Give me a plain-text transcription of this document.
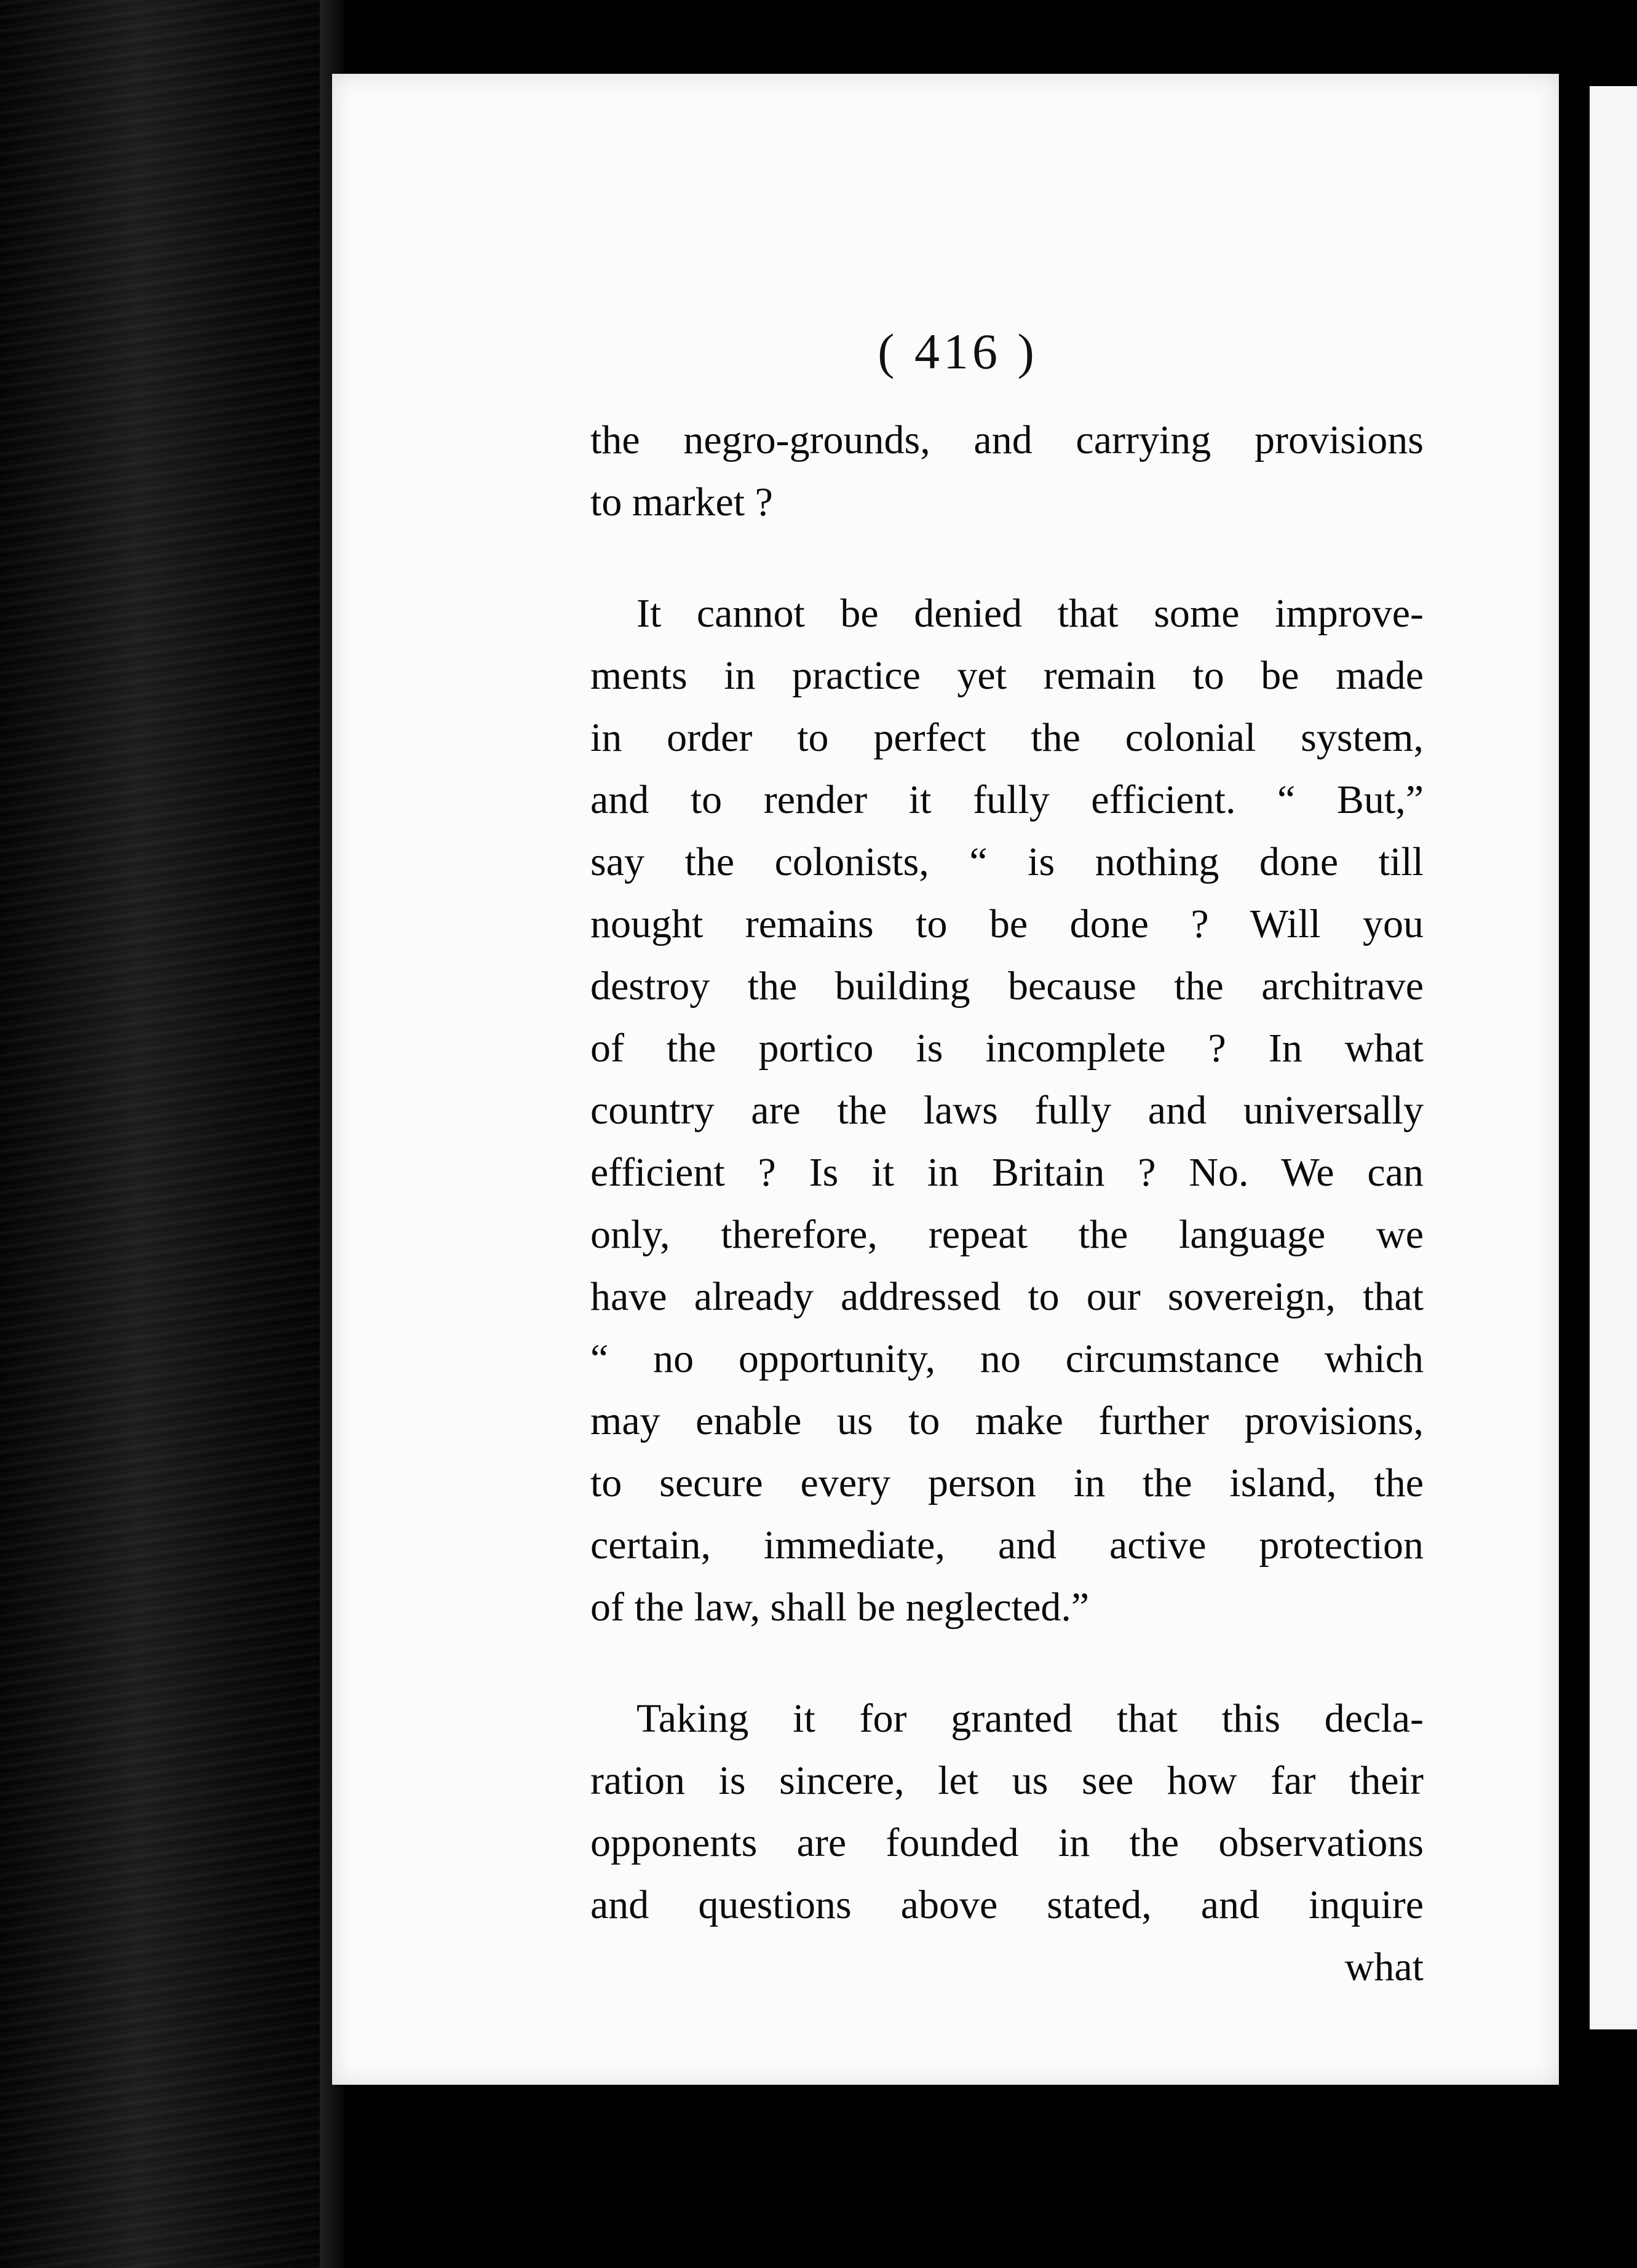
( 416 )

the negro-grounds, and carrying provisions
to market ?

It cannot be denied that some improve-
ments in practice yet remain to be made
in order to perfect the colonial system,
and to render it fully efficient. “ But,”
say the colonists, “ is nothing done till
nought remains to be done ? Will you
destroy the building because the architrave
of the portico is incomplete ? In what
country are the laws fully and universally
efficient ? Is it in Britain ? No. We can
only, therefore, repeat the language we
have already addressed to our sovereign, that
“ no opportunity, no circumstance which
may enable us to make further provisions,
to secure every person in the island, the
certain, immediate, and active protection
of the law, shall be neglected.”

Taking it for granted that this decla-
ration is sincere, let us see how far their
opponents are founded in the observations
and questions above stated, and inquire

what
